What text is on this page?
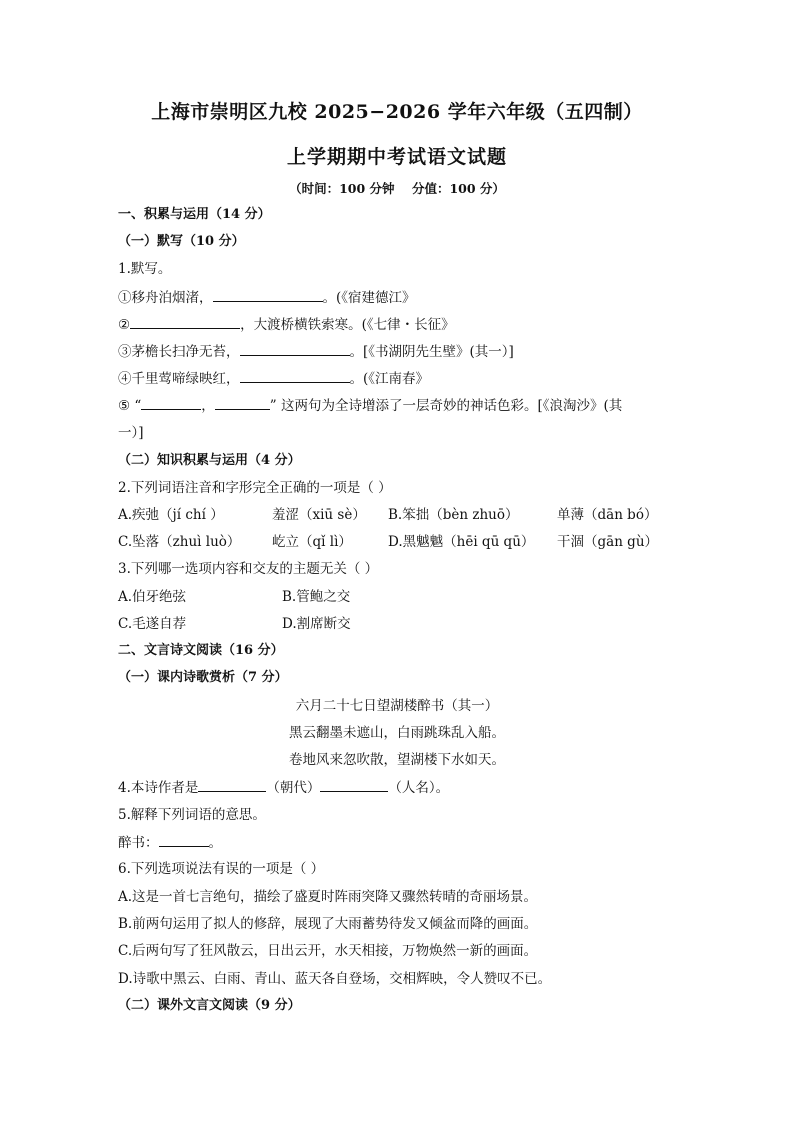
上海市崇明区九校 2025−2026 学年六年级（五四制）
上学期期中考试语文试题
（时间：100 分钟    分值：100 分）
一、积累与运用（14 分）
（一）默写（10 分）
1.默写。
①移舟泊烟渚，	。(《宿建德江》
②	，大渡桥横铁索寒。(《七律・长征》
③茅檐长扫净无苔，	。[《书湖阴先生壁》(其一）]
④千里莺啼绿映红，	。(《江南春》
⑤ “	，	” 这两句为全诗增添了一层奇妙的神话色彩。[《浪淘沙》(其
一）]
（二）知识积累与运用（4 分）
2.下列词语注音和字形完全正确的一项是（ ）
A.疾弛（jí chí ）	羞涩（xiū sè） B.笨拙（bèn zhuō）	单薄（dān bó）
C.坠落（zhuì luò） 屹立（qǐ lì）	D.黑魆魆（hēi qū qū） 干涸（gān gù）
3.下列哪一选项内容和交友的主题无关（ ）
A.伯牙绝弦	B.管鲍之交
C.毛遂自荐	D.割席断交
二、文言诗文阅读（16 分）
（一）课内诗歌赏析（7 分）
六月二十七日望湖楼醉书（其一）
黑云翻墨未遮山，白雨跳珠乱入船。
卷地风来忽吹散，望湖楼下水如天。
4.本诗作者是	（朝代）	（人名）。
5.解释下列词语的意思。
醉书：	。
6.下列选项说法有误的一项是（ ）
A.这是一首七言绝句，描绘了盛夏时阵雨突降又骤然转晴的奇丽场景。
B.前两句运用了拟人的修辞，展现了大雨蓄势待发又倾盆而降的画面。
C.后两句写了狂风散云，日出云开，水天相接，万物焕然一新的画面。
D.诗歌中黑云、白雨、青山、蓝天各自登场，交相辉映，令人赞叹不已。
（二）课外文言文阅读（9 分）
